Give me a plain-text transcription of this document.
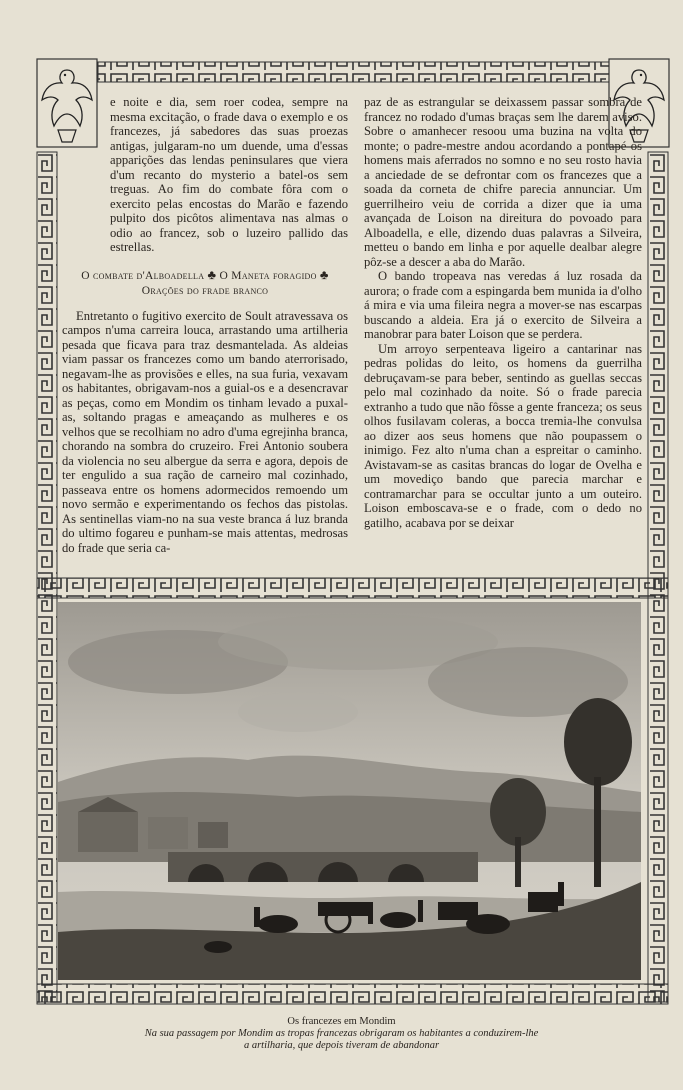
e noite e dia, sem roer codea, sempre na mesma excitação, o frade dava o exemplo e os francezes, já sabedores das suas proezas antigas, julgaram-no um duende, uma d'essas apparições das lendas peninsulares que viera d'um recanto do mysterio a batel-os sem treguas. Ao fim do combate fôra com o exercito pelas encostas do Marão e fazendo pulpito dos picôtos alimentava nas almas o odio ao francez, sob o luzeiro pallido das estrellas.

O combate d'Alboadella ♣ O Maneta foragido ♣ Orações do frade branco

Entretanto o fugitivo exercito de Soult atravessava os campos n'uma carreira louca, arrastando uma artilheria pesada que ficava para traz desmantelada. As aldeias viam passar os francezes como um bando aterrorisado, negavam-lhe as provisões e elles, na sua furia, vexavam os habitantes, obrigavam-nos a guial-os e a desencravar as peças, como em Mondim os tinham levado a puxal-as, soltando pragas e ameaçando as mulheres e os velhos que se recolhiam no adro d'uma egrejinha branca, chorando na sombra do cruzeiro. Frei Antonio soubera da violencia no seu albergue da serra e agora, depois de ter engulido a sua ração de carneiro mal cozinhado, passeava entre os homens adormecidos remoendo um novo sermão e experimentando os fechos das pistolas. As sentinellas viam-no na sua veste branca á luz branda do ultimo fogareu e punham-se mais attentas, medrosas do frade que seria ca-

paz de as estrangular se deixassem passar sombra de francez no rodado d'umas braças sem lhe darem aviso. Sobre o amanhecer resoou uma buzina na volta do monte; o padre-mestre andou acordando a pontapé os homens mais aferrados no somno e no seu rosto havia a anciedade de se defrontar com os francezes que a soada da corneta de chifre parecia annunciar. Um guerrilheiro veiu de corrida a dizer que ia uma avançada de Loison na direitura do povoado para Alboadella, e elle, dizendo duas palavras a Silveira, metteu o bando em linha e por aquelle dealbar alegre pôz-se a descer a aba do Marão.

O bando tropeava nas veredas á luz rosada da aurora; o frade com a espingarda bem munida ia d'olho á mira e via uma fileira negra a mover-se nas escarpas buscando a aldeia. Era já o exercito de Silveira a manobrar para bater Loison que se perdera.

Um arroyo serpenteava ligeiro a cantarinar nas pedras polidas do leito, os homens da guerrilha debruçavam-se para beber, sentindo as guellas seccas pelo mal cozinhado da noite. Só o frade parecia extranho a tudo que não fôsse a gente franceza; os seus olhos fusilavam coleras, a bocca tremia-lhe convulsa ao dizer aos seus homens que não poupassem o inimigo. Fez alto n'uma chan a espreitar o caminho. Avistavam-se as casitas brancas do logar de Ovelha e um movediço bando que parecia marchar e contramarchar para se occultar junto a um outeiro. Loison emboscava-se e o frade, com o dedo no gatilho, acabava por se deixar

Os francezes em Mondim
Na sua passagem por Mondim as tropas francezas obrigaram os habitantes a conduzirem-lhe
a artilharia, que depois tiveram de abandonar
